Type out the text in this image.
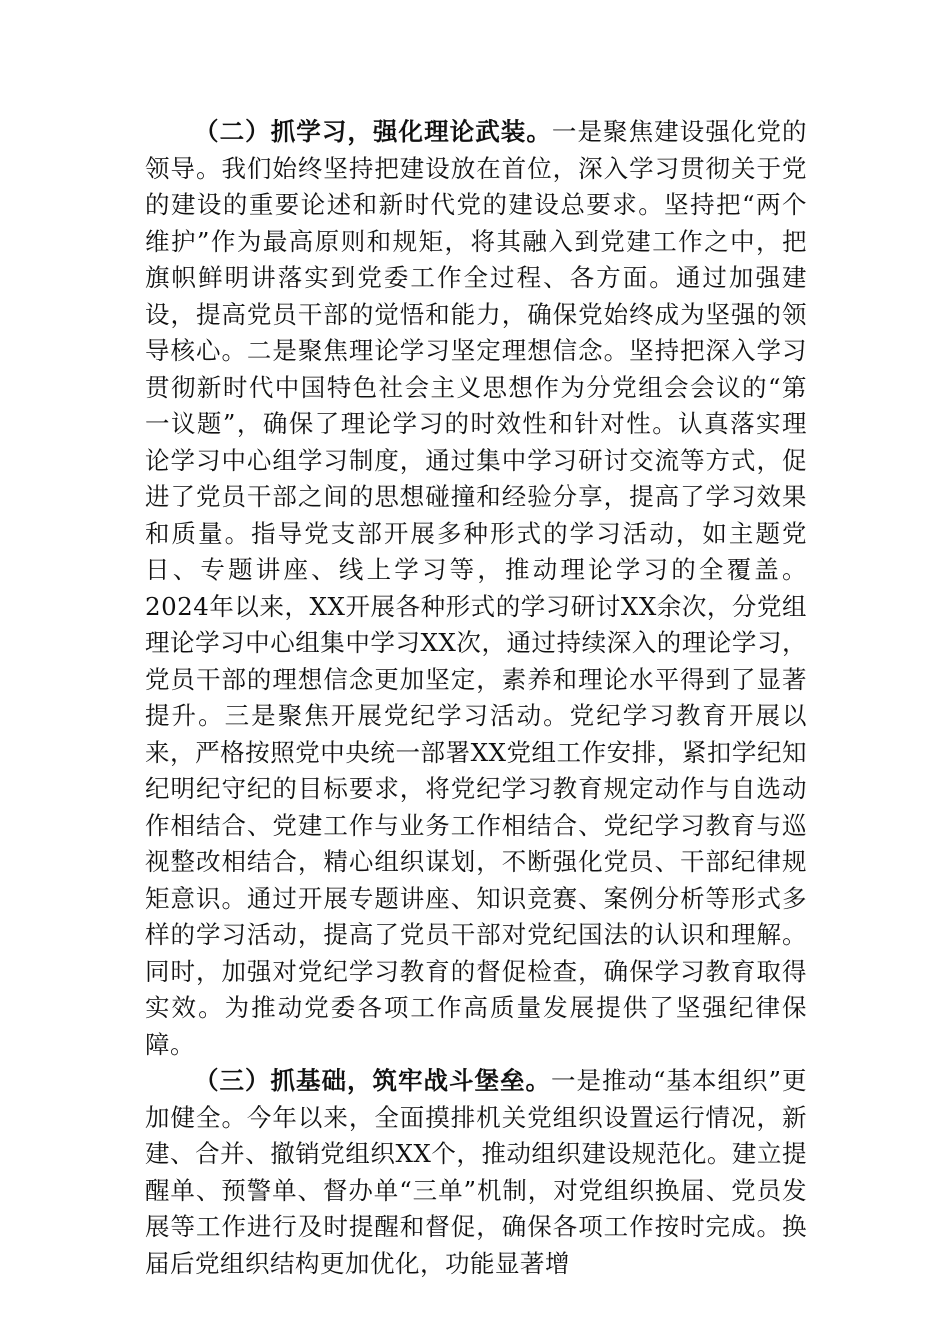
（二）抓学习，强化理论武装。一是聚焦建设强化党的领导。我们始终坚持把建设放在首位，深入学习贯彻关于党的建设的重要论述和新时代党的建设总要求。坚持把“两个维护”作为最高原则和规矩，将其融入到党建工作之中，把旗帜鲜明讲落实到党委工作全过程、各方面。通过加强建设，提高党员干部的觉悟和能力，确保党始终成为坚强的领导核心。二是聚焦理论学习坚定理想信念。坚持把深入学习贯彻新时代中国特色社会主义思想作为分党组会会议的“第一议题”，确保了理论学习的时效性和针对性。认真落实理论学习中心组学习制度，通过集中学习研讨交流等方式，促进了党员干部之间的思想碰撞和经验分享，提高了学习效果和质量。指导党支部开展多种形式的学习活动，如主题党日、专题讲座、线上学习等，推动理论学习的全覆盖。2024年以来，XX开展各种形式的学习研讨XX余次，分党组理论学习中心组集中学习XX次，通过持续深入的理论学习，党员干部的理想信念更加坚定，素养和理论水平得到了显著提升。三是聚焦开展党纪学习活动。党纪学习教育开展以来，严格按照党中央统一部署XX党组工作安排，紧扣学纪知纪明纪守纪的目标要求，将党纪学习教育规定动作与自选动作相结合、党建工作与业务工作相结合、党纪学习教育与巡视整改相结合，精心组织谋划，不断强化党员、干部纪律规矩意识。通过开展专题讲座、知识竞赛、案例分析等形式多样的学习活动，提高了党员干部对党纪国法的认识和理解。同时，加强对党纪学习教育的督促检查，确保学习教育取得实效。为推动党委各项工作高质量发展提供了坚强纪律保障。

（三）抓基础，筑牢战斗堡垒。一是推动“基本组织”更加健全。今年以来，全面摸排机关党组织设置运行情况，新建、合并、撤销党组织XX个，推动组织建设规范化。建立提醒单、预警单、督办单“三单”机制，对党组织换届、党员发展等工作进行及时提醒和督促，确保各项工作按时完成。换届后党组织结构更加优化，功能显著增
